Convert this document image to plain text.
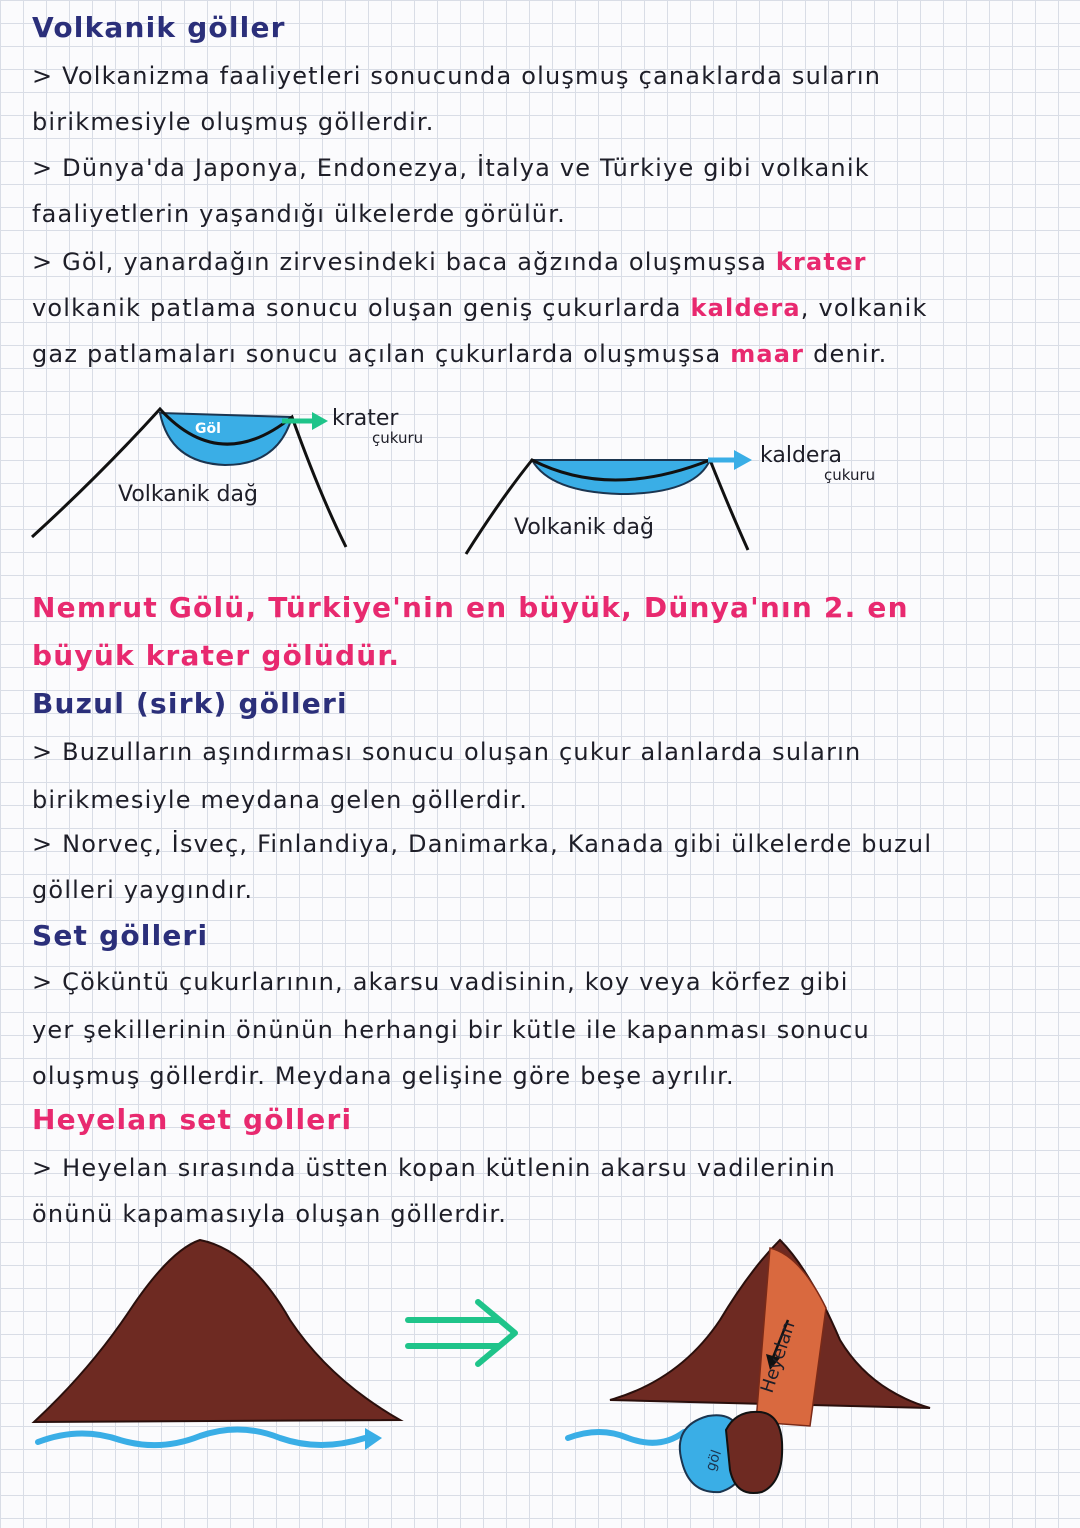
Volkanik göller
> Volkanizma faaliyetleri sonucunda oluşmuş çanaklarda suların
birikmesiyle oluşmuş göllerdir.
> Dünya'da Japonya, Endonezya, İtalya ve Türkiye gibi volkanik
faaliyetlerin yaşandığı ülkelerde görülür.
> Göl, yanardağın zirvesindeki baca ağzında oluşmuşsa krater
volkanik patlama sonucu oluşan geniş çukurlarda kaldera, volkanik
gaz patlamaları sonucu açılan çukurlarda oluşmuşsa maar denir.
Göl	krater
çukuru
Volkanik dağ
kaldera
çukuru
Volkanik dağ
Nemrut Gölü, Türkiye'nin en büyük, Dünya'nın 2. en
büyük krater gölüdür.
Buzul (sirk) gölleri
> Buzulların aşındırması sonucu oluşan çukur alanlarda suların
birikmesiyle meydana gelen göllerdir.
> Norveç, İsveç, Finlandiya, Danimarka, Kanada gibi ülkelerde buzul
gölleri yaygındır.
Set gölleri
> Çöküntü çukurlarının, akarsu vadisinin, koy veya körfez gibi
yer şekillerinin önünün herhangi bir kütle ile kapanması sonucu
oluşmuş göllerdir. Meydana gelişine göre beşe ayrılır.
Heyelan set gölleri
> Heyelan sırasında üstten kopan kütlenin akarsu vadilerinin
önünü kapamasıyla oluşan göllerdir.
Heyelan
göl
